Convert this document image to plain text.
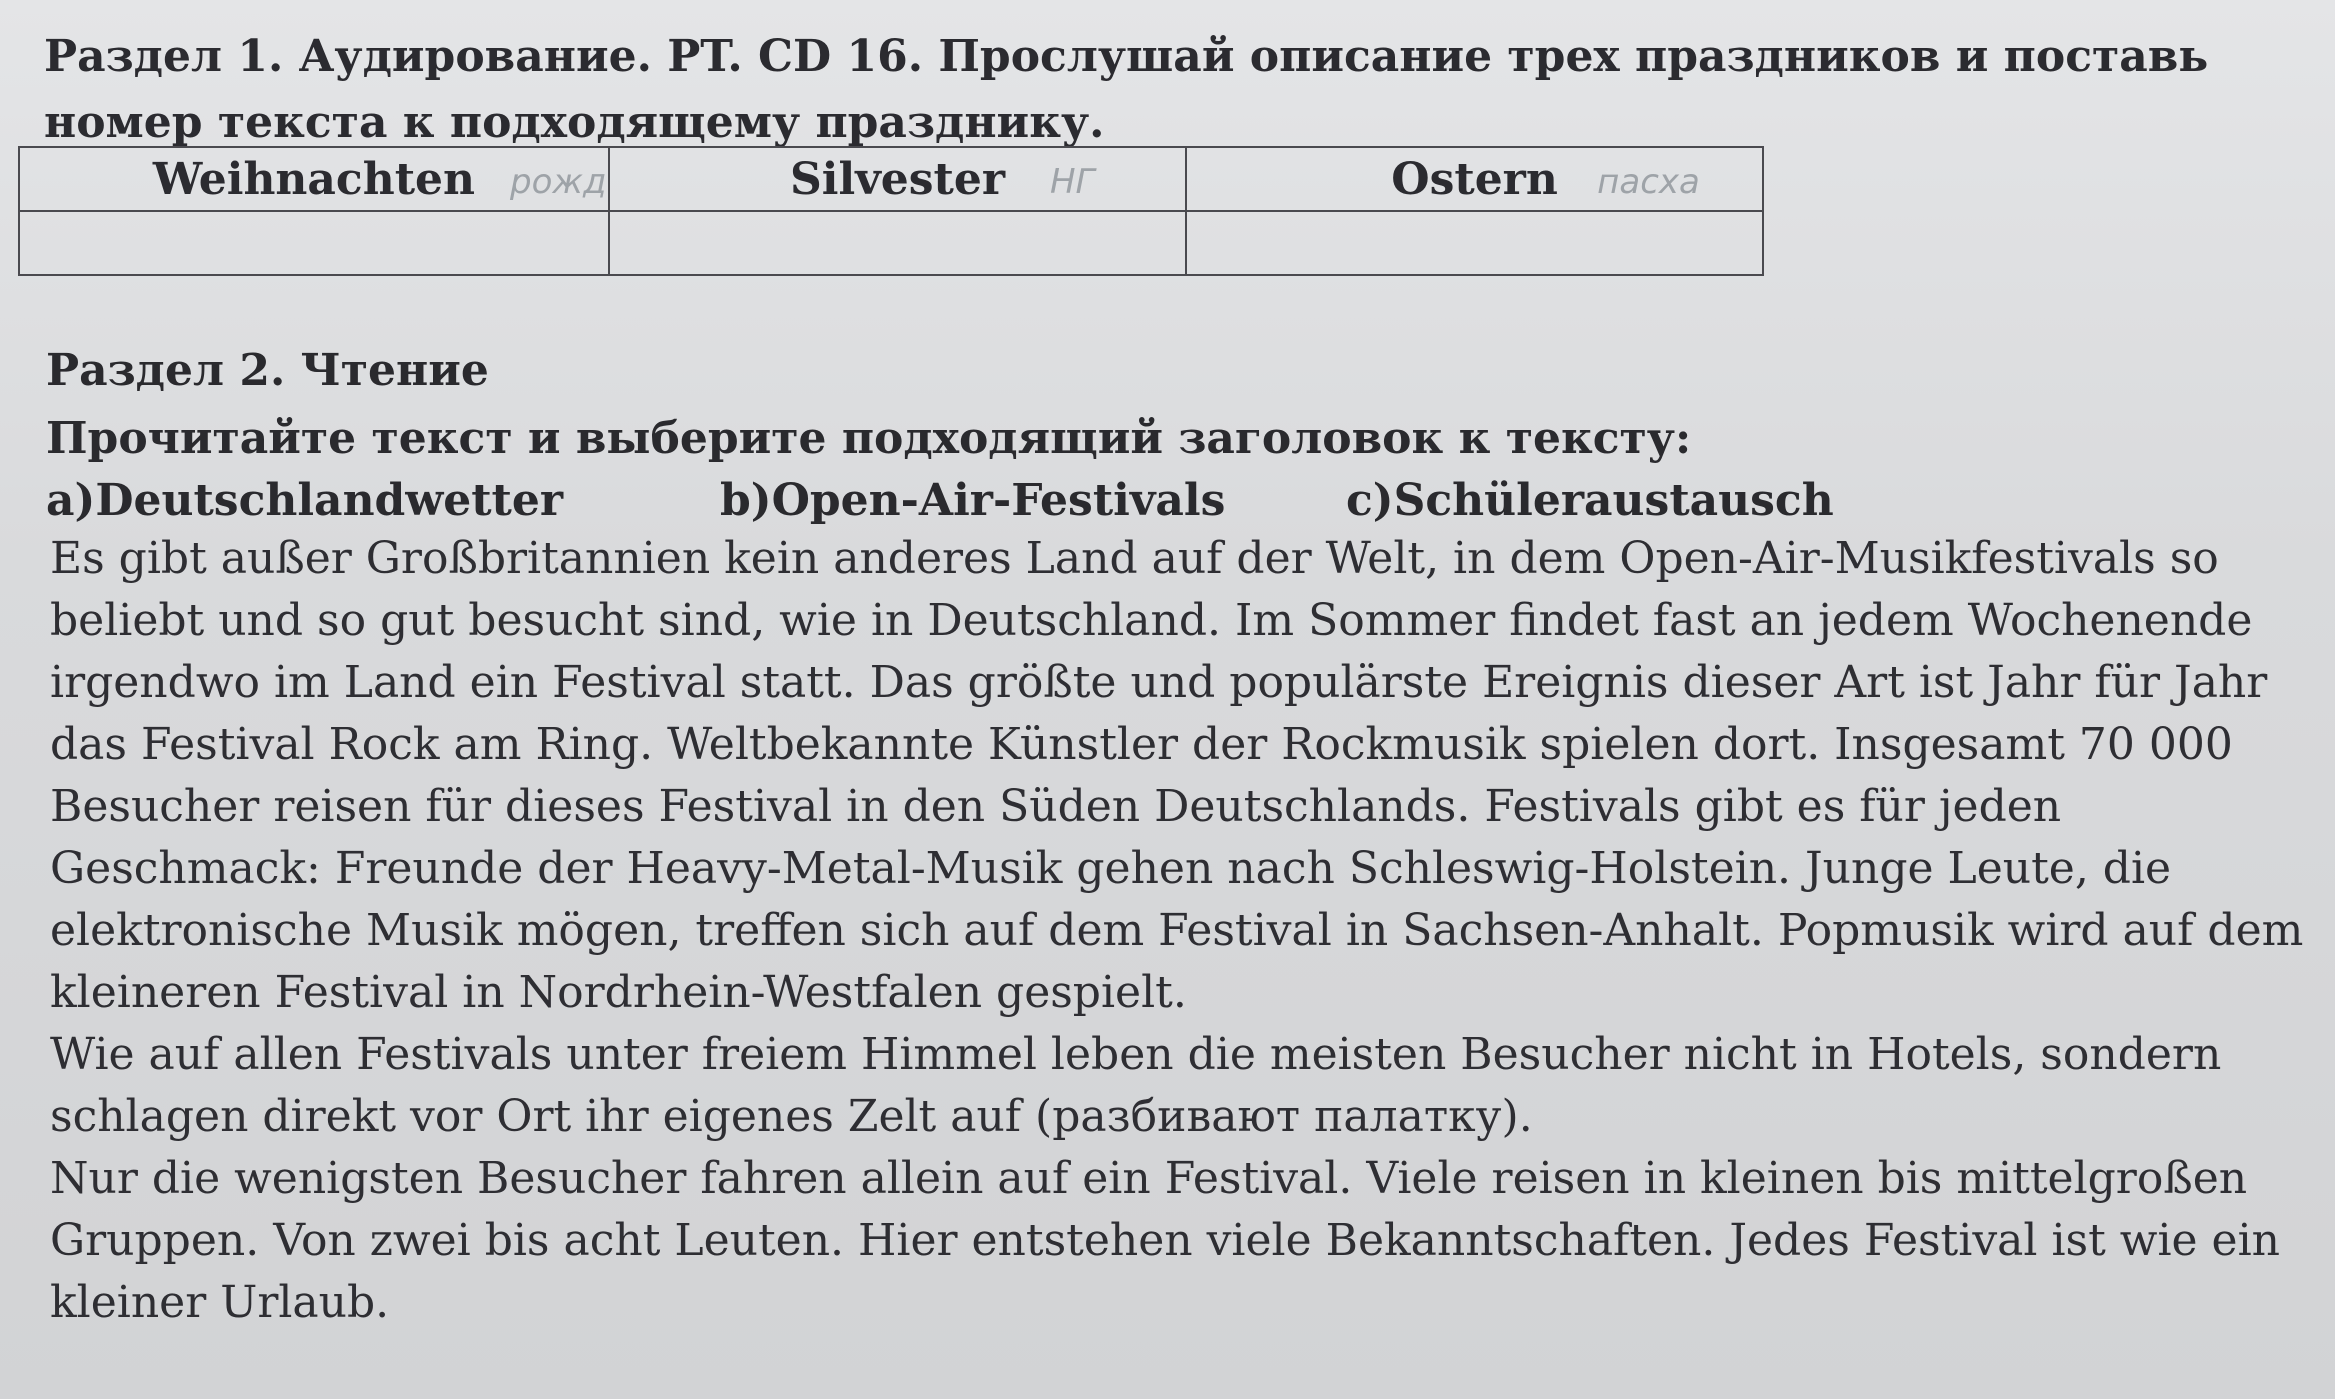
Раздел 1. Аудирование. PT. CD 16. Прослушай описание трех праздников и поставь номер текста к подходящему празднику.
Weihnachten рожд	Silvester НГ	Ostern пасха

Раздел 2. Чтение
Прочитайте текст и выберите подходящий заголовок к тексту:
a)Deutschlandwetter	b)Open-Air-Festivals	c)Schüleraustausch

Es gibt außer Großbritannien kein anderes Land auf der Welt, in dem Open-Air-Musikfestivals so beliebt und so gut besucht sind, wie in Deutschland. Im Sommer findet fast an jedem Wochenende irgendwo im Land ein Festival statt. Das größte und populärste Ereignis dieser Art ist Jahr für Jahr das Festival Rock am Ring. Weltbekannte Künstler der Rockmusik spielen dort. Insgesamt 70 000 Besucher reisen für dieses Festival in den Süden Deutschlands. Festivals gibt es für jeden Geschmack: Freunde der Heavy-Metal-Musik gehen nach Schleswig-Holstein. Junge Leute, die elektronische Musik mögen, treffen sich auf dem Festival in Sachsen-Anhalt. Popmusik wird auf dem kleineren Festival in Nordrhein-Westfalen gespielt.

Wie auf allen Festivals unter freiem Himmel leben die meisten Besucher nicht in Hotels, sondern schlagen direkt vor Ort ihr eigenes Zelt auf (разбивают палатку).

Nur die wenigsten Besucher fahren allein auf ein Festival. Viele reisen in kleinen bis mittelgroßen Gruppen. Von zwei bis acht Leuten. Hier entstehen viele Bekanntschaften. Jedes Festival ist wie ein kleiner Urlaub.
